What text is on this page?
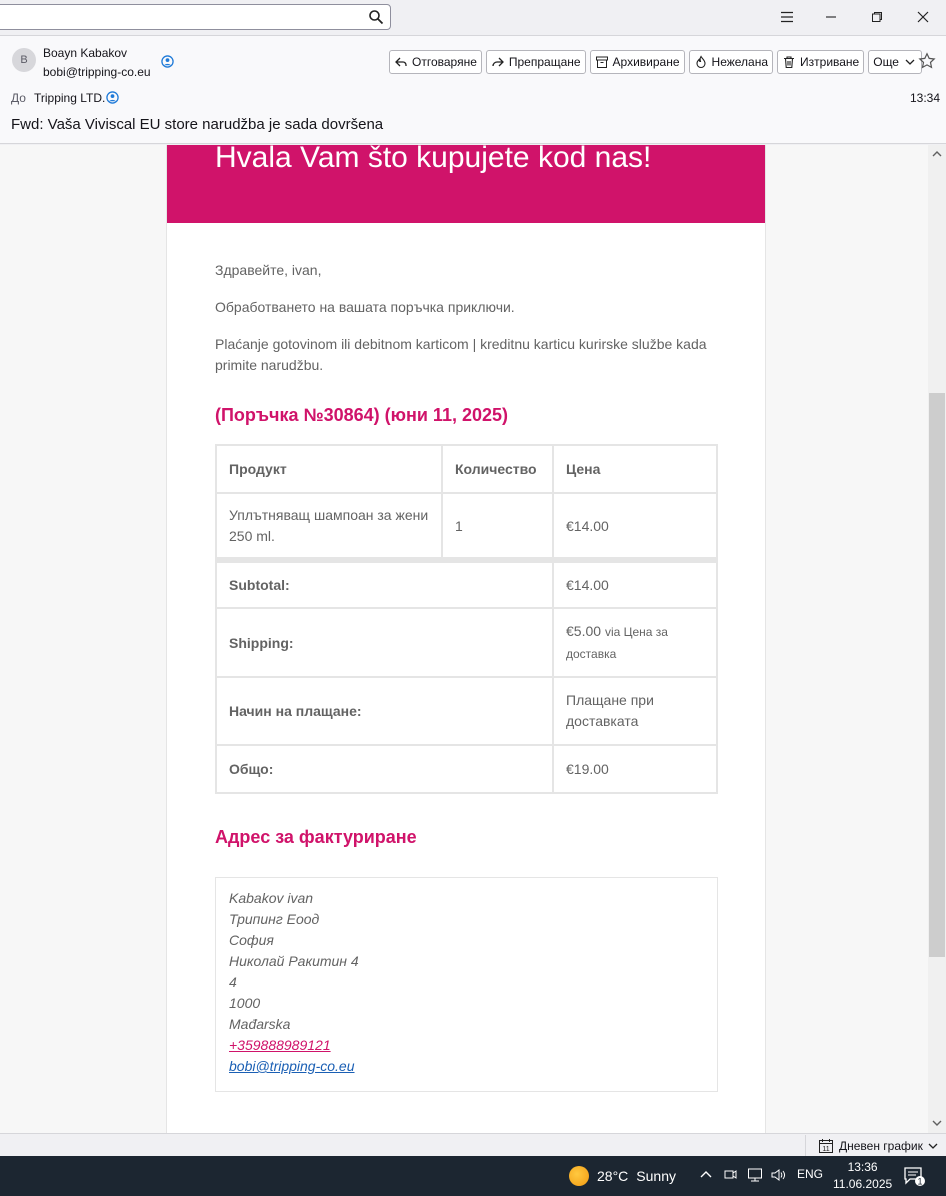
B	Boayn Kabakov
bobi@tripping-co.eu
Отговаряне	Препращане	Архивиране	Нежелана	Изтриване Още
До Tripping LTD.	13:34
Fwd: Vaša Viviscal EU store narudžba je sada dovršena
Hvala Vam što kupujete kod nas!
Здравейте, ivan,
Обработването на вашата поръчка приключи.
Plaćanje gotovinom ili debitnom karticom | kreditnu karticu kurirske službe kada primite narudžbu.
(Поръчка №30864) (юни 11, 2025)
Продукт	Количество	Цена
Уплътняващ шампоан за жени 250 ml.	1	€14.00
Subtotal:		€14.00
Shipping:		€5.00 via Цена за доставка
Начин на плащане:		Плащане при доставката
Общо:		€19.00
Адрес за фактуриране
Kabakov ivan
Трипинг Еоод
София
Николай Ракитин 4
4
1000
Mađarska
+359888989121
bobi@tripping-co.eu
11 Дневен график
28°C Sunny	ENG	13:36
11.06.2025	1
